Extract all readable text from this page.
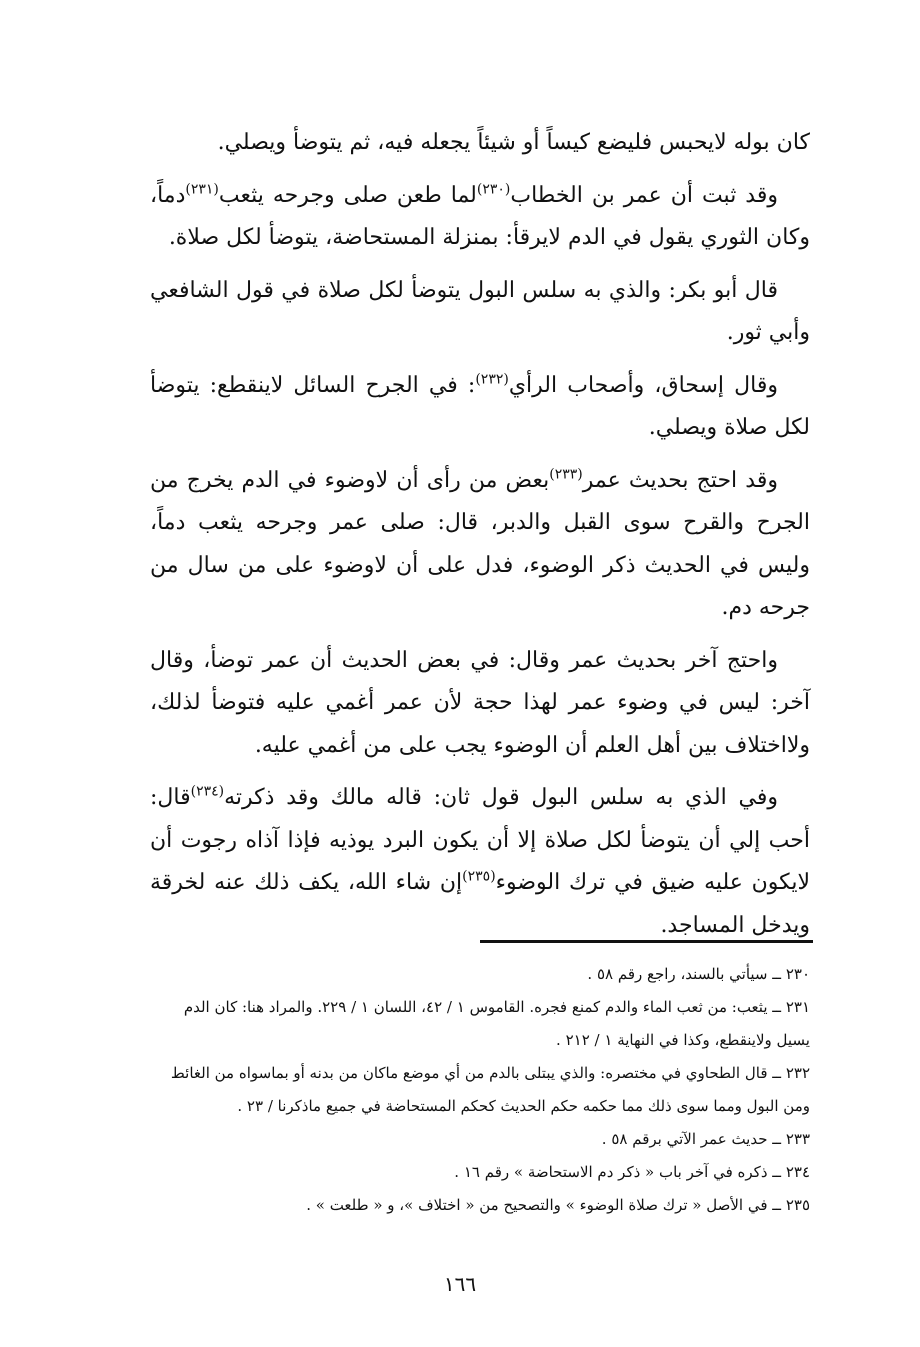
كان بوله لايحبس فليضع كيساً أو شيئاً يجعله فيه، ثم يتوضأ ويصلي.

وقد ثبت أن عمر بن الخطاب$^{(٢٣٠)}$لما طعن صلى وجرحه يثعب$^{(٢٣١)}$دماً، وكان الثوري يقول في الدم لايرقأ: بمنزلة المستحاضة، يتوضأ لكل صلاة.

قال أبو بكر: والذي به سلس البول يتوضأ لكل صلاة في قول الشافعي وأبي ثور.

وقال إسحاق، وأصحاب الرأي$^{(٢٣٢)}$: في الجرح السائل لاينقطع: يتوضأ لكل صلاة ويصلي.

وقد احتج بحديث عمر$^{(٢٣٣)}$بعض من رأى أن لاوضوء في الدم يخرج من الجرح والقرح سوى القبل والدبر، قال: صلى عمر وجرحه يثعب دماً، وليس في الحديث ذكر الوضوء، فدل على أن لاوضوء على من سال من جرحه دم.

واحتج آخر بحديث عمر وقال: في بعض الحديث أن عمر توضأ، وقال آخر: ليس في وضوء عمر لهذا حجة لأن عمر أغمي عليه فتوضأ لذلك، ولااختلاف بين أهل العلم أن الوضوء يجب على من أغمي عليه.

وفي الذي به سلس البول قول ثان: قاله مالك وقد ذكرته$^{(٢٣٤)}$قال: أحب إلي أن يتوضأ لكل صلاة إلا أن يكون البرد يوذيه فإذا آذاه رجوت أن لايكون عليه ضيق في ترك الوضوء$^{(٢٣٥)}$إن شاء الله، يكف ذلك عنه لخرقة ويدخل المساجد.

٢٣٠ ــ سيأتي بالسند، راجع رقم ٥٨ .

٢٣١ ــ يثعب: من ثعب الماء والدم كمنع فجره. القاموس ١ / ٤٢، اللسان ١ / ٢٢٩. والمراد هنا: كان الدم يسيل ولاينقطع، وكذا في النهاية ١ / ٢١٢ .

٢٣٢ ــ قال الطحاوي في مختصره: والذي يبتلى بالدم من أي موضع ماكان من بدنه أو بماسواه من الغائط ومن البول ومما سوى ذلك مما حكمه حكم الحديث كحكم المستحاضة في جميع ماذكرنا / ٢٣ .

٢٣٣ ــ حديث عمر الآتي برقم ٥٨ .

٢٣٤ ــ ذكره في آخر باب « ذكر دم الاستحاضة » رقم ١٦ .

٢٣٥ ــ في الأصل « ترك صلاة الوضوء » والتصحيح من « اختلاف »، و « طلعت » .

١٦٦
